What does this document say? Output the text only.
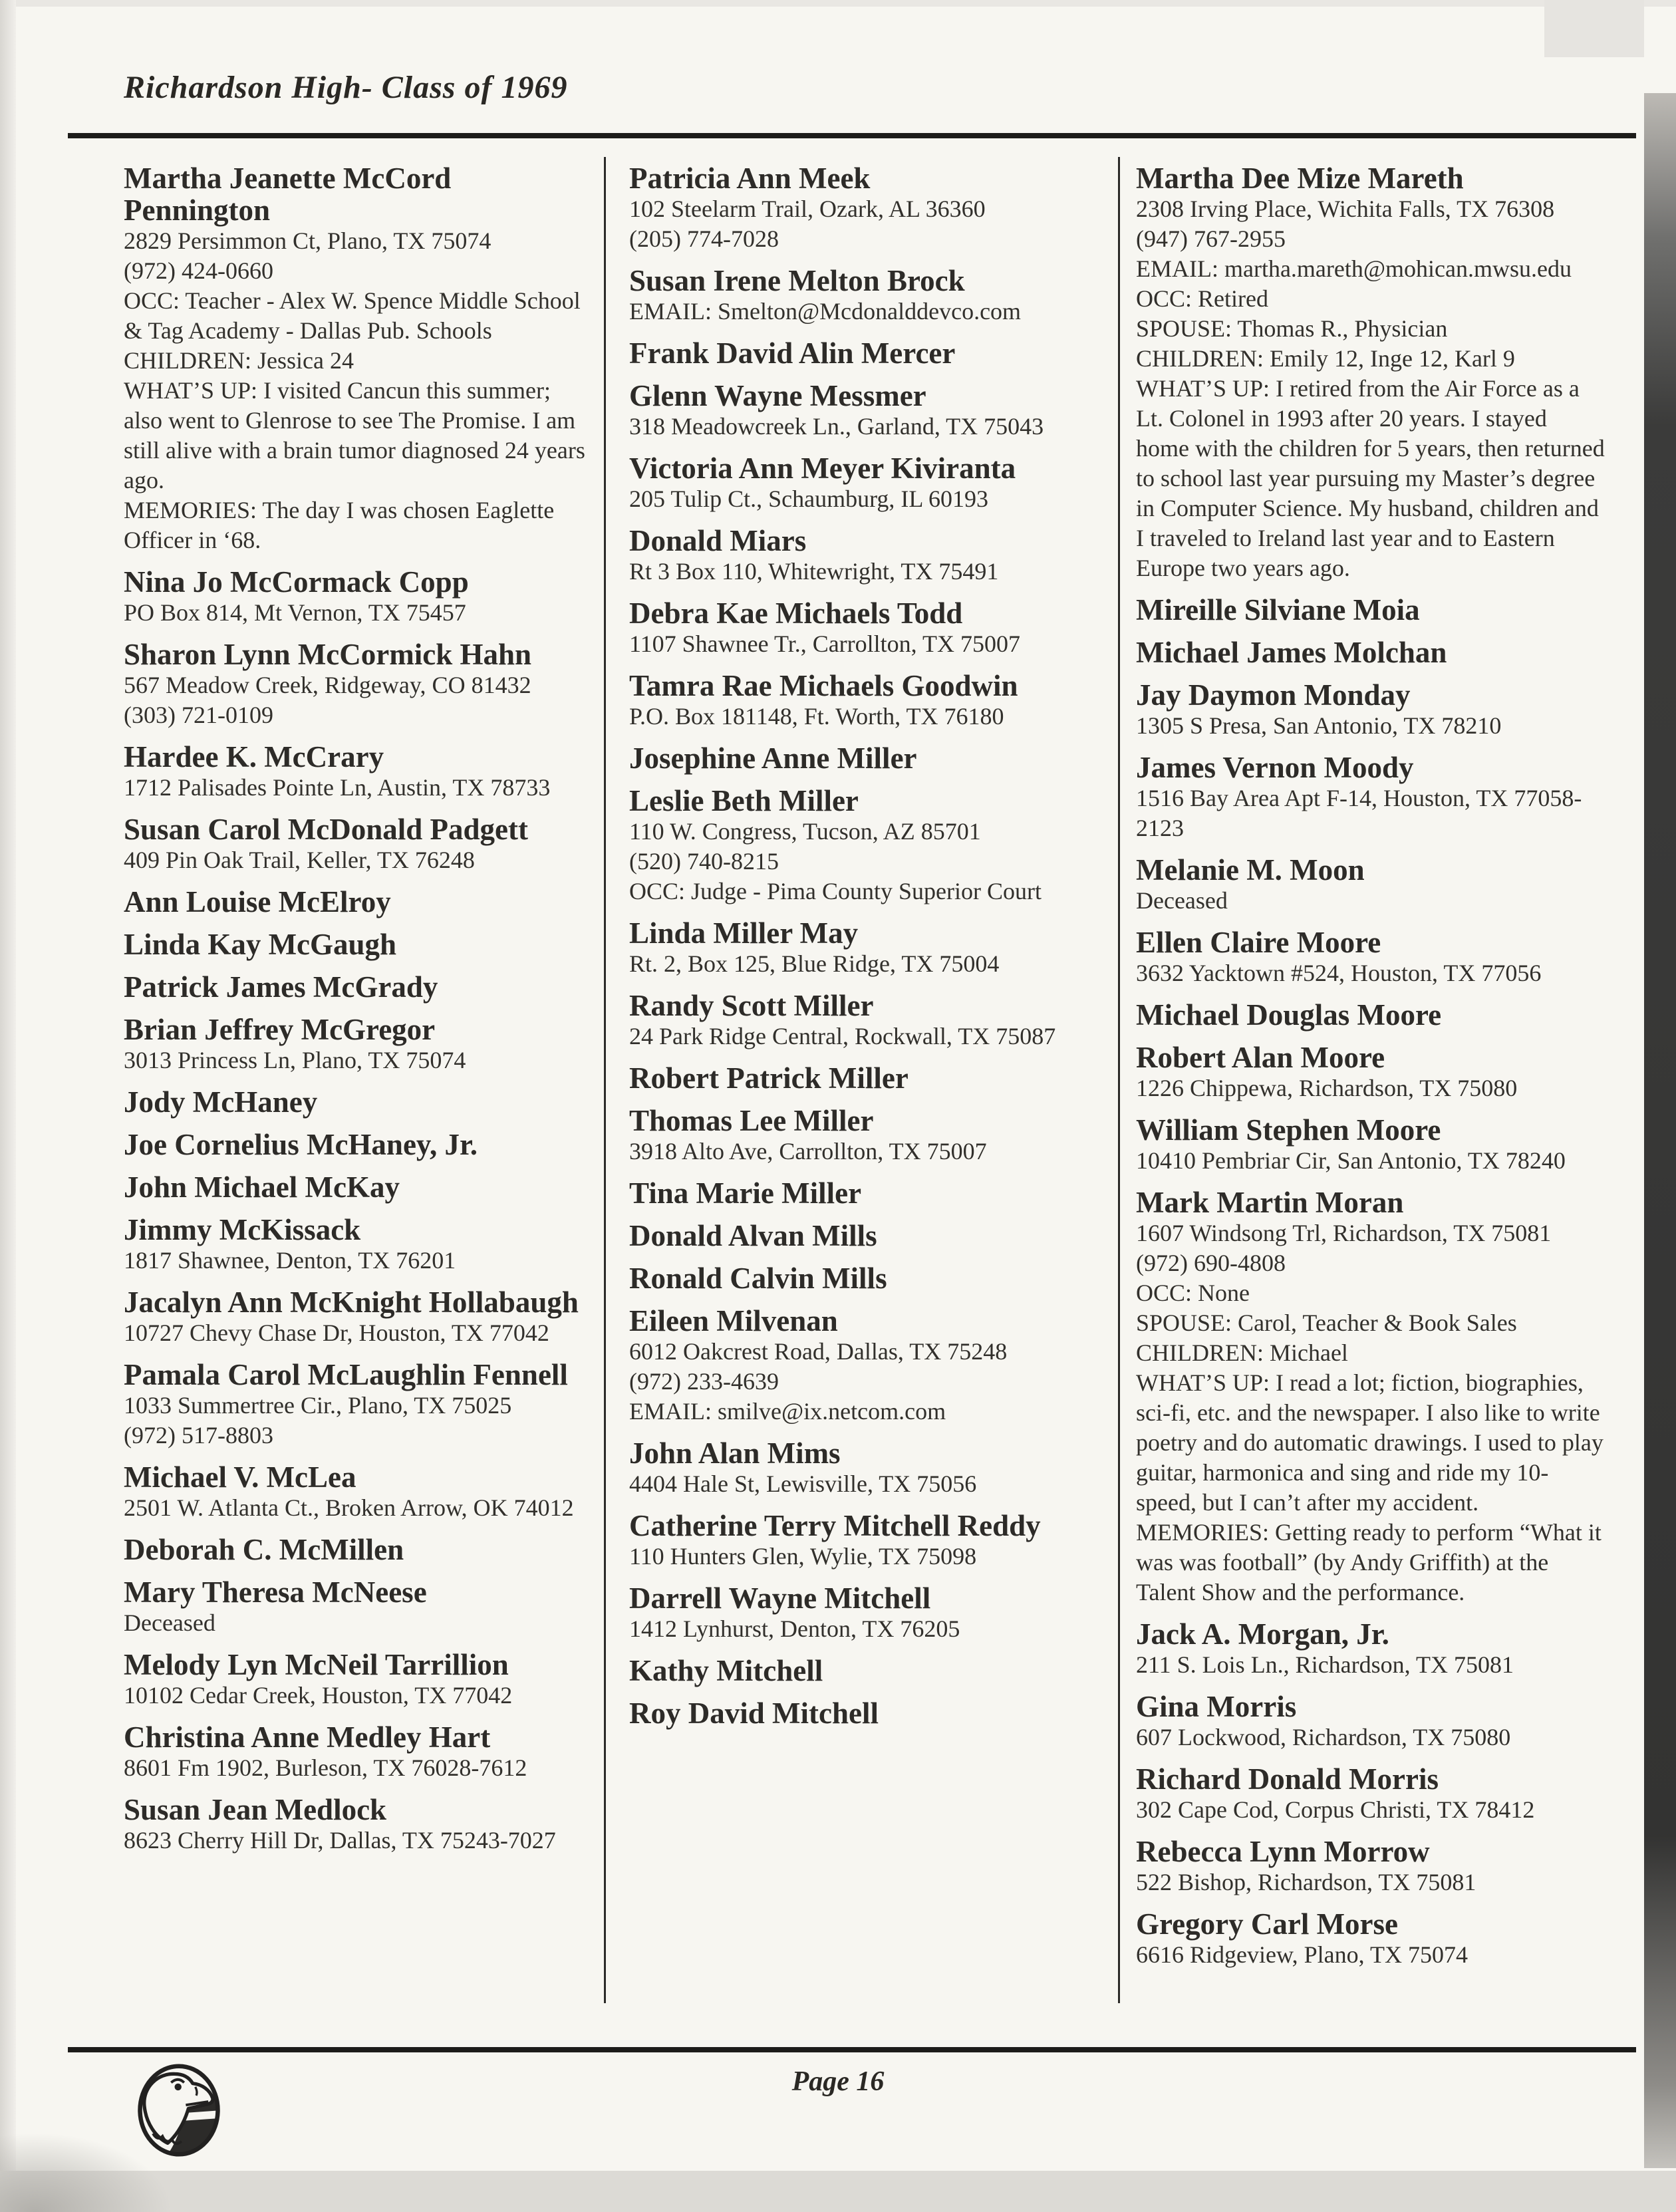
Richardson High- Class of 1969
Martha Jeanette McCord Pennington

2829 Persimmon Ct, Plano, TX 75074

(972) 424-0660

OCC: Teacher - Alex W. Spence Middle School & Tag Academy - Dallas Pub. Schools

CHILDREN: Jessica 24

WHAT’S UP: I visited Cancun this summer; also went to Glenrose to see The Promise. I am still alive with a brain tumor diagnosed 24 years ago.

MEMORIES: The day I was chosen Eaglette Officer in ‘68.

Nina Jo McCormack Copp

PO Box 814, Mt Vernon, TX 75457

Sharon Lynn McCormick Hahn

567 Meadow Creek, Ridgeway, CO 81432

(303) 721-0109

Hardee K. McCrary

1712 Palisades Pointe Ln, Austin, TX 78733

Susan Carol McDonald Padgett

409 Pin Oak Trail, Keller, TX 76248

Ann Louise McElroy
Linda Kay McGaugh
Patrick James McGrady
Brian Jeffrey McGregor

3013 Princess Ln, Plano, TX 75074

Jody McHaney
Joe Cornelius McHaney, Jr.
John Michael McKay
Jimmy McKissack

1817 Shawnee, Denton, TX 76201

Jacalyn Ann McKnight Hollabaugh

10727 Chevy Chase Dr, Houston, TX 77042

Pamala Carol McLaughlin Fennell

1033 Summertree Cir., Plano, TX 75025

(972) 517-8803

Michael V. McLea

2501 W. Atlanta Ct., Broken Arrow, OK 74012

Deborah C. McMillen
Mary Theresa McNeese

Deceased

Melody Lyn McNeil Tarrillion

10102 Cedar Creek, Houston, TX 77042

Christina Anne Medley Hart

8601 Fm 1902, Burleson, TX 76028-7612

Susan Jean Medlock

8623 Cherry Hill Dr, Dallas, TX 75243-7027

Patricia Ann Meek

102 Steelarm Trail, Ozark, AL 36360

(205) 774-7028

Susan Irene Melton Brock

EMAIL: Smelton@Mcdonalddevco.com

Frank David Alin Mercer
Glenn Wayne Messmer

318 Meadowcreek Ln., Garland, TX 75043

Victoria Ann Meyer Kiviranta

205 Tulip Ct., Schaumburg, IL 60193

Donald Miars

Rt 3 Box 110, Whitewright, TX 75491

Debra Kae Michaels Todd

1107 Shawnee Tr., Carrollton, TX 75007

Tamra Rae Michaels Goodwin

P.O. Box 181148, Ft. Worth, TX 76180

Josephine Anne Miller
Leslie Beth Miller

110 W. Congress, Tucson, AZ 85701

(520) 740-8215

OCC: Judge - Pima County Superior Court

Linda Miller May

Rt. 2, Box 125, Blue Ridge, TX 75004

Randy Scott Miller

24 Park Ridge Central, Rockwall, TX 75087

Robert Patrick Miller
Thomas Lee Miller

3918 Alto Ave, Carrollton, TX 75007

Tina Marie Miller
Donald Alvan Mills
Ronald Calvin Mills
Eileen Milvenan

6012 Oakcrest Road, Dallas, TX 75248

(972) 233-4639

EMAIL: smilve@ix.netcom.com

John Alan Mims

4404 Hale St, Lewisville, TX 75056

Catherine Terry Mitchell Reddy

110 Hunters Glen, Wylie, TX 75098

Darrell Wayne Mitchell

1412 Lynhurst, Denton, TX 76205

Kathy Mitchell
Roy David Mitchell
Martha Dee Mize Mareth

2308 Irving Place, Wichita Falls, TX 76308

(947) 767-2955

EMAIL: martha.mareth@mohican.mwsu.edu

OCC: Retired

SPOUSE: Thomas R., Physician

CHILDREN: Emily 12, Inge 12, Karl 9

WHAT’S UP: I retired from the Air Force as a Lt. Colonel in 1993 after 20 years. I stayed home with the children for 5 years, then returned to school last year pursuing my Master’s degree in Computer Science. My husband, children and I traveled to Ireland last year and to Eastern Europe two years ago.

Mireille Silviane Moia
Michael James Molchan
Jay Daymon Monday

1305 S Presa, San Antonio, TX 78210

James Vernon Moody

1516 Bay Area Apt F-14, Houston, TX 77058-2123

Melanie M. Moon

Deceased

Ellen Claire Moore

3632 Yacktown #524, Houston, TX 77056

Michael Douglas Moore
Robert Alan Moore

1226 Chippewa, Richardson, TX 75080

William Stephen Moore

10410 Pembriar Cir, San Antonio, TX 78240

Mark Martin Moran

1607 Windsong Trl, Richardson, TX 75081

(972) 690-4808

OCC: None

SPOUSE: Carol, Teacher & Book Sales

CHILDREN: Michael

WHAT’S UP: I read a lot; fiction, biographies, sci-fi, etc. and the newspaper. I also like to write poetry and do automatic drawings. I used to play guitar, harmonica and sing and ride my 10-speed, but I can’t after my accident.

MEMORIES: Getting ready to perform “What it was was football” (by Andy Griffith) at the Talent Show and the performance.

Jack A. Morgan, Jr.

211 S. Lois Ln., Richardson, TX 75081

Gina Morris

607 Lockwood, Richardson, TX 75080

Richard Donald Morris

302 Cape Cod, Corpus Christi, TX 78412

Rebecca Lynn Morrow

522 Bishop, Richardson, TX 75081

Gregory Carl Morse

6616 Ridgeview, Plano, TX 75074

Page 16
